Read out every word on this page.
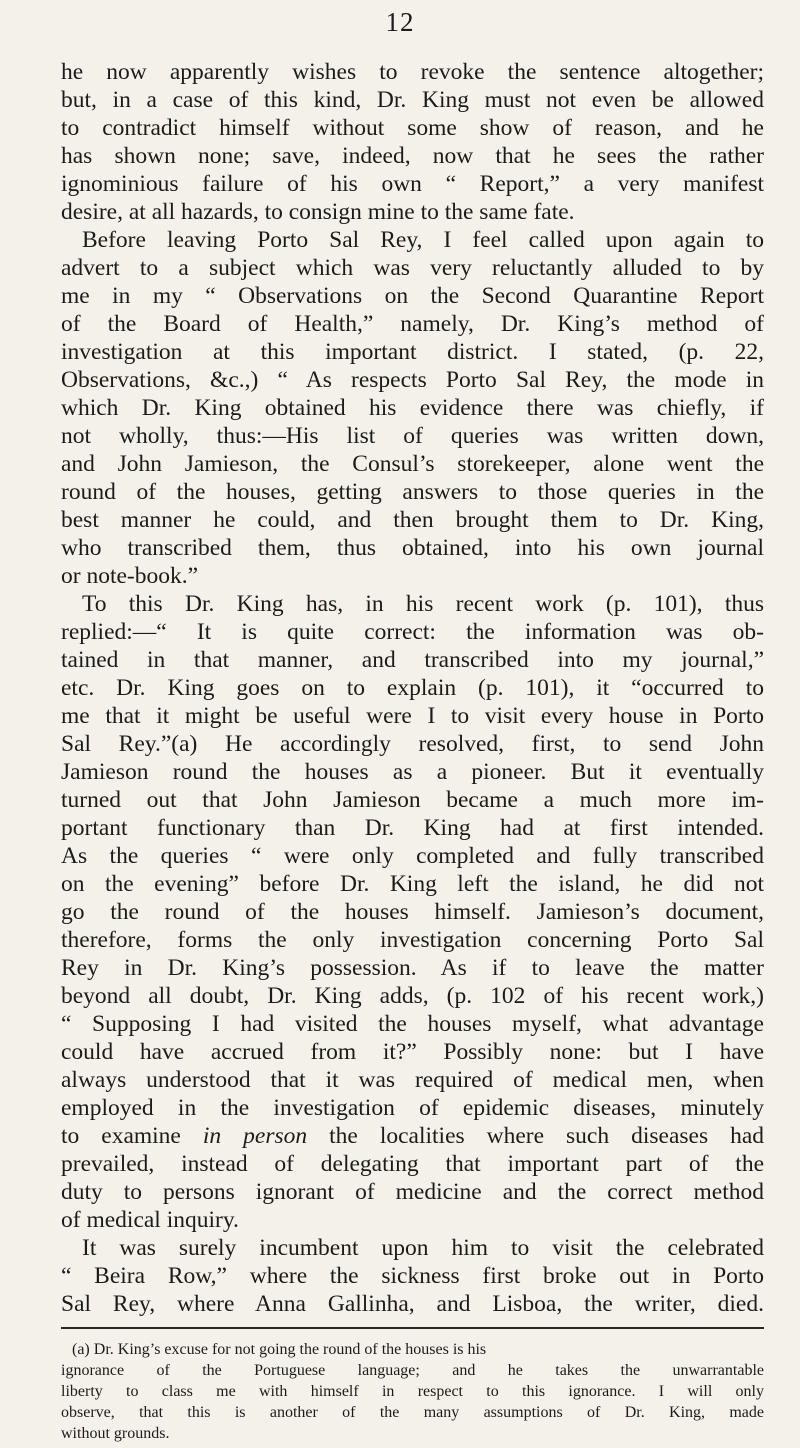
12
he now apparently wishes to revoke the sentence altogether;
but, in a case of this kind, Dr. King must not even be allowed
to contradict himself without some show of reason, and he
has shown none; save, indeed, now that he sees the rather
ignominious failure of his own “ Report,” a very manifest
desire, at all hazards, to consign mine to the same fate.
Before leaving Porto Sal Rey, I feel called upon again to
advert to a subject which was very reluctantly alluded to by
me in my “ Observations on the Second Quarantine Report
of the Board of Health,” namely, Dr. King’s method of
investigation at this important district. I stated, (p. 22,
Observations, &c.,) “ As respects Porto Sal Rey, the mode in
which Dr. King obtained his evidence there was chiefly, if
not wholly, thus:—His list of queries was written down,
and John Jamieson, the Consul’s storekeeper, alone went the
round of the houses, getting answers to those queries in the
best manner he could, and then brought them to Dr. King,
who transcribed them, thus obtained, into his own journal
or note-book.”
To this Dr. King has, in his recent work (p. 101), thus
replied:—“ It is quite correct: the information was ob-
tained in that manner, and transcribed into my journal,”
etc. Dr. King goes on to explain (p. 101), it “occurred to
me that it might be useful were I to visit every house in Porto
Sal Rey.”(a) He accordingly resolved, first, to send John
Jamieson round the houses as a pioneer. But it eventually
turned out that John Jamieson became a much more im-
portant functionary than Dr. King had at first intended.
As the queries “ were only completed and fully transcribed
on the evening” before Dr. King left the island, he did not
go the round of the houses himself. Jamieson’s document,
therefore, forms the only investigation concerning Porto Sal
Rey in Dr. King’s possession. As if to leave the matter
beyond all doubt, Dr. King adds, (p. 102 of his recent work,)
“ Supposing I had visited the houses myself, what advantage
could have accrued from it?” Possibly none: but I have
always understood that it was required of medical men, when
employed in the investigation of epidemic diseases, minutely
to examine in person the localities where such diseases had
prevailed, instead of delegating that important part of the
duty to persons ignorant of medicine and the correct method
of medical inquiry.
It was surely incumbent upon him to visit the celebrated
“ Beira Row,” where the sickness first broke out in Porto
Sal Rey, where Anna Gallinha, and Lisboa, the writer, died.
(a) Dr. King’s excuse for not going the round of the houses is his
ignorance of the Portuguese language; and he takes the unwarrantable
liberty to class me with himself in respect to this ignorance. I will only
observe, that this is another of the many assumptions of Dr. King, made
without grounds.
